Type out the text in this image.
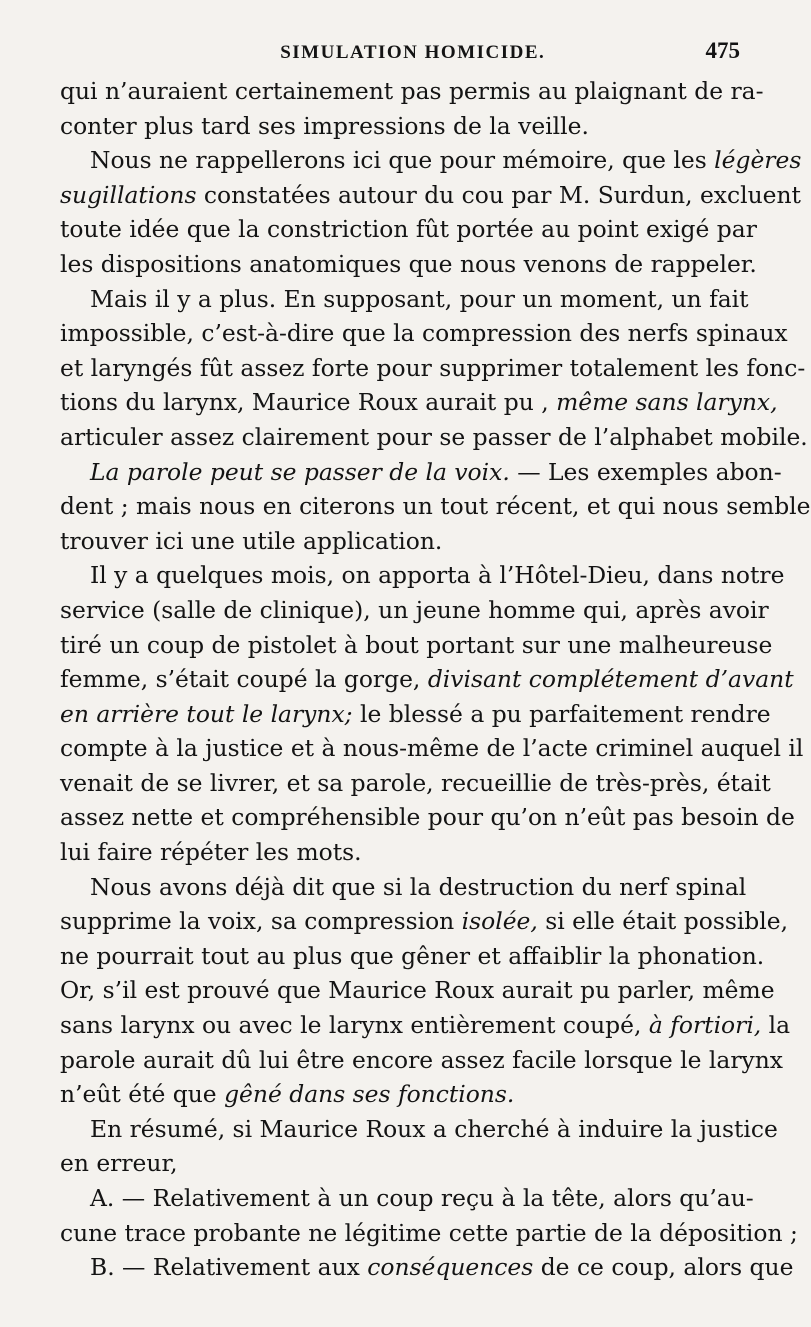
SIMULATION HOMICIDE.	475
qui n’auraient certainement pas permis au plaignant de ra-
conter plus tard ses impressions de la veille.
Nous ne rappellerons ici que pour mémoire, que les légères
sugillations constatées autour du cou par M. Surdun, excluent
toute idée que la constriction fût portée au point exigé par
les dispositions anatomiques que nous venons de rappeler.
Mais il y a plus. En supposant, pour un moment, un fait
impossible, c’est-à-dire que la compression des nerfs spinaux
et laryngés fût assez forte pour supprimer totalement les fonc-
tions du larynx, Maurice Roux aurait pu , même sans larynx,
articuler assez clairement pour se passer de l’alphabet mobile.
La parole peut se passer de la voix. — Les exemples abon-
dent ; mais nous en citerons un tout récent, et qui nous semble
trouver ici une utile application.
Il y a quelques mois, on apporta à l’Hôtel-Dieu, dans notre
service (salle de clinique), un jeune homme qui, après avoir
tiré un coup de pistolet à bout portant sur une malheureuse
femme, s’était coupé la gorge, divisant complétement d’avant
en arrière tout le larynx; le blessé a pu parfaitement rendre
compte à la justice et à nous-même de l’acte criminel auquel il
venait de se livrer, et sa parole, recueillie de très-près, était
assez nette et compréhensible pour qu’on n’eût pas besoin de
lui faire répéter les mots.
Nous avons déjà dit que si la destruction du nerf spinal
supprime la voix, sa compression isolée, si elle était possible,
ne pourrait tout au plus que gêner et affaiblir la phonation.
Or, s’il est prouvé que Maurice Roux aurait pu parler, même
sans larynx ou avec le larynx entièrement coupé, à fortiori, la
parole aurait dû lui être encore assez facile lorsque le larynx
n’eût été que gêné dans ses fonctions.
En résumé, si Maurice Roux a cherché à induire la justice
en erreur,
A. — Relativement à un coup reçu à la tête, alors qu’au-
cune trace probante ne légitime cette partie de la déposition ;
B. — Relativement aux conséquences de ce coup, alors que
